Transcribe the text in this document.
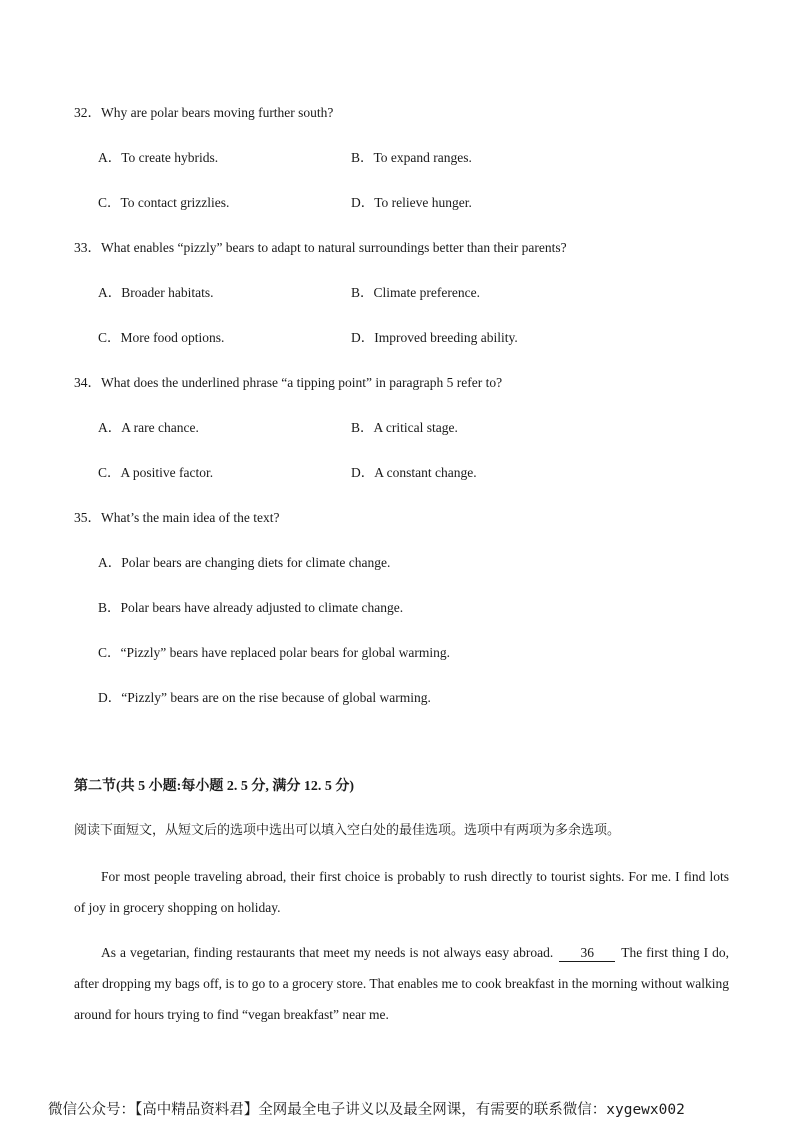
32．Why are polar bears moving further south?
A．To create hybrids.	B．To expand ranges.
C．To contact grizzlies.	D．To relieve hunger.
33．What enables “pizzly” bears to adapt to natural surroundings better than their parents?
A．Broader habitats.	B．Climate preference.
C．More food options.	D．Improved breeding ability.
34．What does the underlined phrase “a tipping point” in paragraph 5 refer to?
A．A rare chance.	B．A critical stage.
C．A positive factor.	D．A constant change.
35．What’s the main idea of the text?
A．Polar bears are changing diets for climate change.
B．Polar bears have already adjusted to climate change.
C．“Pizzly” bears have replaced polar bears for global warming.
D．“Pizzly” bears are on the rise because of global warming.
第二节(共 5 小题:每小题 2. 5 分, 满分 12. 5 分)
阅读下面短文，从短文后的选项中选出可以填入空白处的最佳选项。选项中有两项为多余选项。
For most people traveling abroad, their first choice is probably to rush directly to tourist sights. For me. I find lots of joy in grocery shopping on holiday.
As a vegetarian, finding restaurants that meet my needs is not always easy abroad. 36 The first thing I do, after dropping my bags off, is to go to a grocery store. That enables me to cook breakfast in the morning without walking around for hours trying to find “vegan breakfast” near me.
微信公众号：【高中精品资料君】全网最全电子讲义以及最全网课，有需要的联系微信：xygewx002
